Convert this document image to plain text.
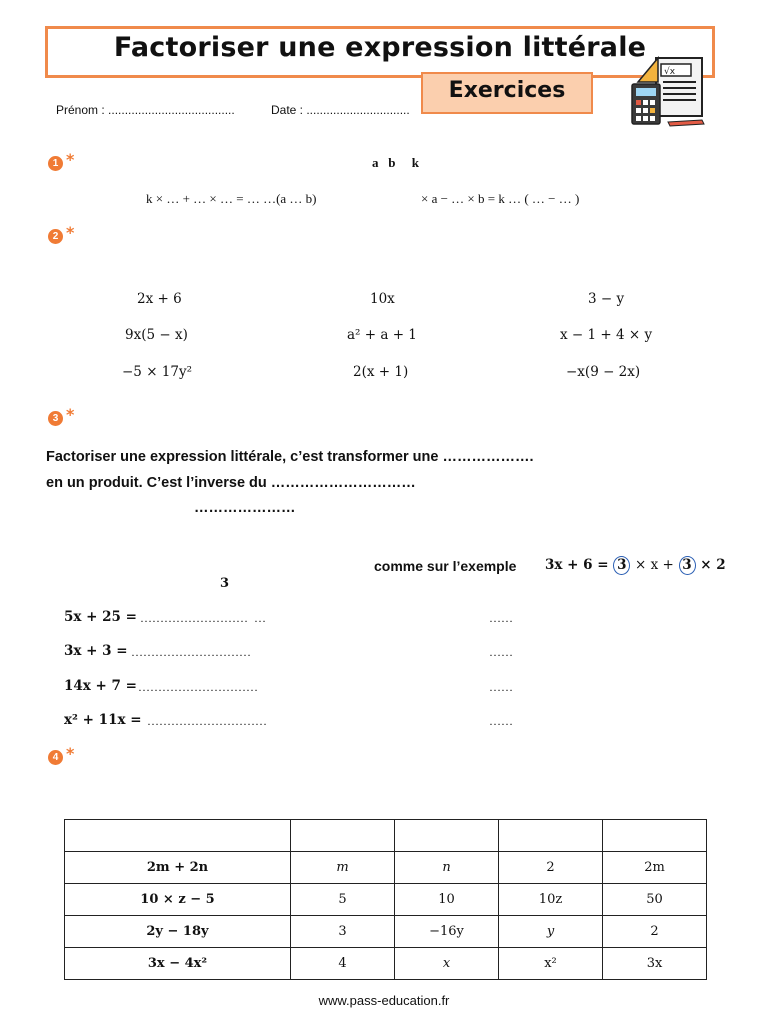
Factoriser une expression littérale
Exercices
√x
Prénom : ......................................	Date : ...............................
1 *	a   b     k
k × … + … × … = … …(a … b)	× a − … × b = k … ( … − … )
2 *
2x + 6	10x	3 − y
9x(5 − x)	a² + a + 1	x − 1 + 4 × y
−5 × 17y²	2(x + 1)	−x(9 − 2x)
3 *
Factoriser une expression littérale, c’est transformer une ……………….
en un produit. C’est l’inverse du …………………………
…………………
comme sur l’exemple 3x + 6 = 3 × x + 3 × 2
3
5x + 25 = ………………………  …	……
3x + 3 = …………………………	……
14x + 7 = …………………………	……
x² + 11x = …………………………	……
4 *

2m + 2n	m	n	2	2m
10 × z − 5	5	10	10z	50
2y − 18y	3	−16y	y	2
3x − 4x²	4	x	x²	3x
www.pass-education.fr
